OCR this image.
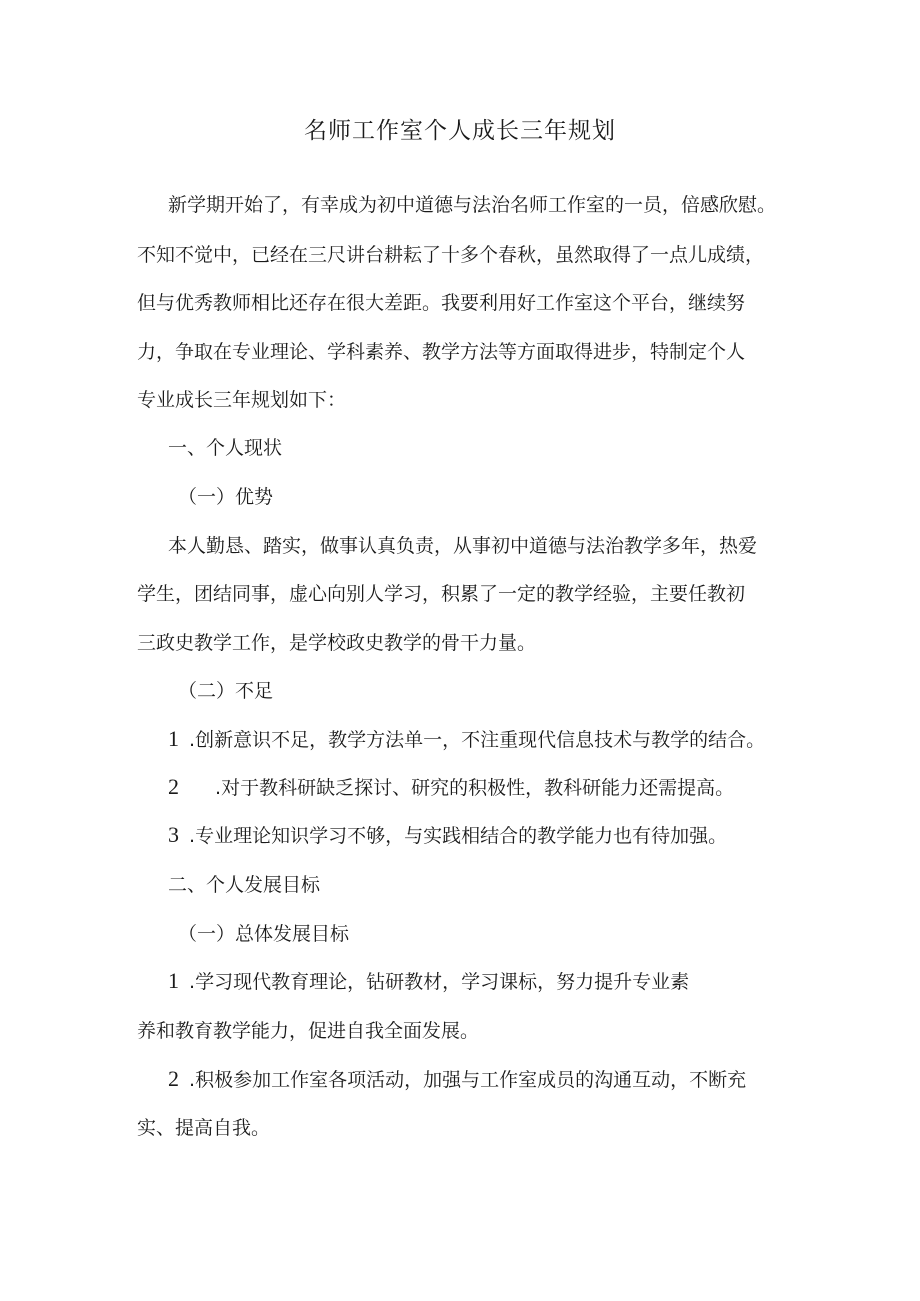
名师工作室个人成长三年规划
新学期开始了，有幸成为初中道德与法治名师工作室的一员，倍感欣慰。
不知不觉中，已经在三尺讲台耕耘了十多个春秋，虽然取得了一点儿成绩，
但与优秀教师相比还存在很大差距。我要利用好工作室这个平台，继续努
力，争取在专业理论、学科素养、教学方法等方面取得进步，特制定个人
专业成长三年规划如下：
一、个人现状
（一）优势
本人勤恳、踏实，做事认真负责，从事初中道德与法治教学多年，热爱
学生，团结同事，虚心向别人学习，积累了一定的教学经验，主要任教初
三政史教学工作，是学校政史教学的骨干力量。
（二）不足
1 .创新意识不足，教学方法单一，不注重现代信息技术与教学的结合。
2 .对于教科研缺乏探讨、研究的积极性，教科研能力还需提高。
3 .专业理论知识学习不够，与实践相结合的教学能力也有待加强。
二、个人发展目标
（一）总体发展目标
1 .学习现代教育理论，钻研教材，学习课标，努力提升专业素
养和教育教学能力，促进自我全面发展。
2 .积极参加工作室各项活动，加强与工作室成员的沟通互动，不断充
实、提高自我。
